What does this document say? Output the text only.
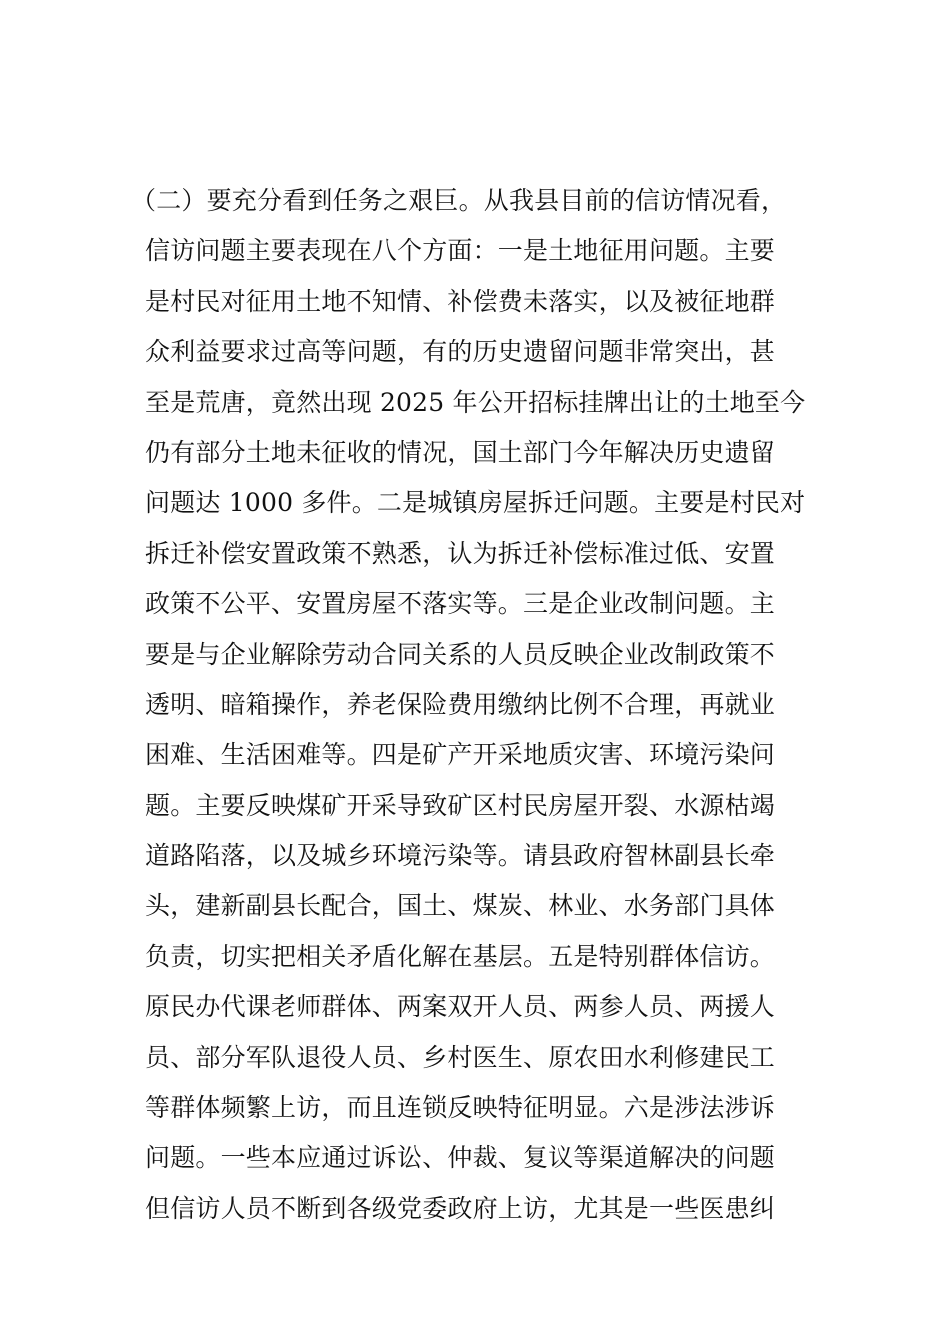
（二）要充分看到任务之艰巨。从我县目前的信访情况看，
信访问题主要表现在八个方面：一是土地征用问题。主要
是村民对征用土地不知情、补偿费未落实，以及被征地群
众利益要求过高等问题，有的历史遗留问题非常突出，甚
至是荒唐，竟然出现 2025 年公开招标挂牌出让的土地至今
仍有部分土地未征收的情况，国土部门今年解决历史遗留
问题达 1000 多件。二是城镇房屋拆迁问题。主要是村民对
拆迁补偿安置政策不熟悉，认为拆迁补偿标准过低、安置
政策不公平、安置房屋不落实等。三是企业改制问题。主
要是与企业解除劳动合同关系的人员反映企业改制政策不
透明、暗箱操作，养老保险费用缴纳比例不合理，再就业
困难、生活困难等。四是矿产开采地质灾害、环境污染问
题。主要反映煤矿开采导致矿区村民房屋开裂、水源枯竭
道路陷落，以及城乡环境污染等。请县政府智林副县长牵
头，建新副县长配合，国土、煤炭、林业、水务部门具体
负责，切实把相关矛盾化解在基层。五是特别群体信访。
原民办代课老师群体、两案双开人员、两参人员、两援人
员、部分军队退役人员、乡村医生、原农田水利修建民工
等群体频繁上访，而且连锁反映特征明显。六是涉法涉诉
问题。一些本应通过诉讼、仲裁、复议等渠道解决的问题
但信访人员不断到各级党委政府上访，尤其是一些医患纠
